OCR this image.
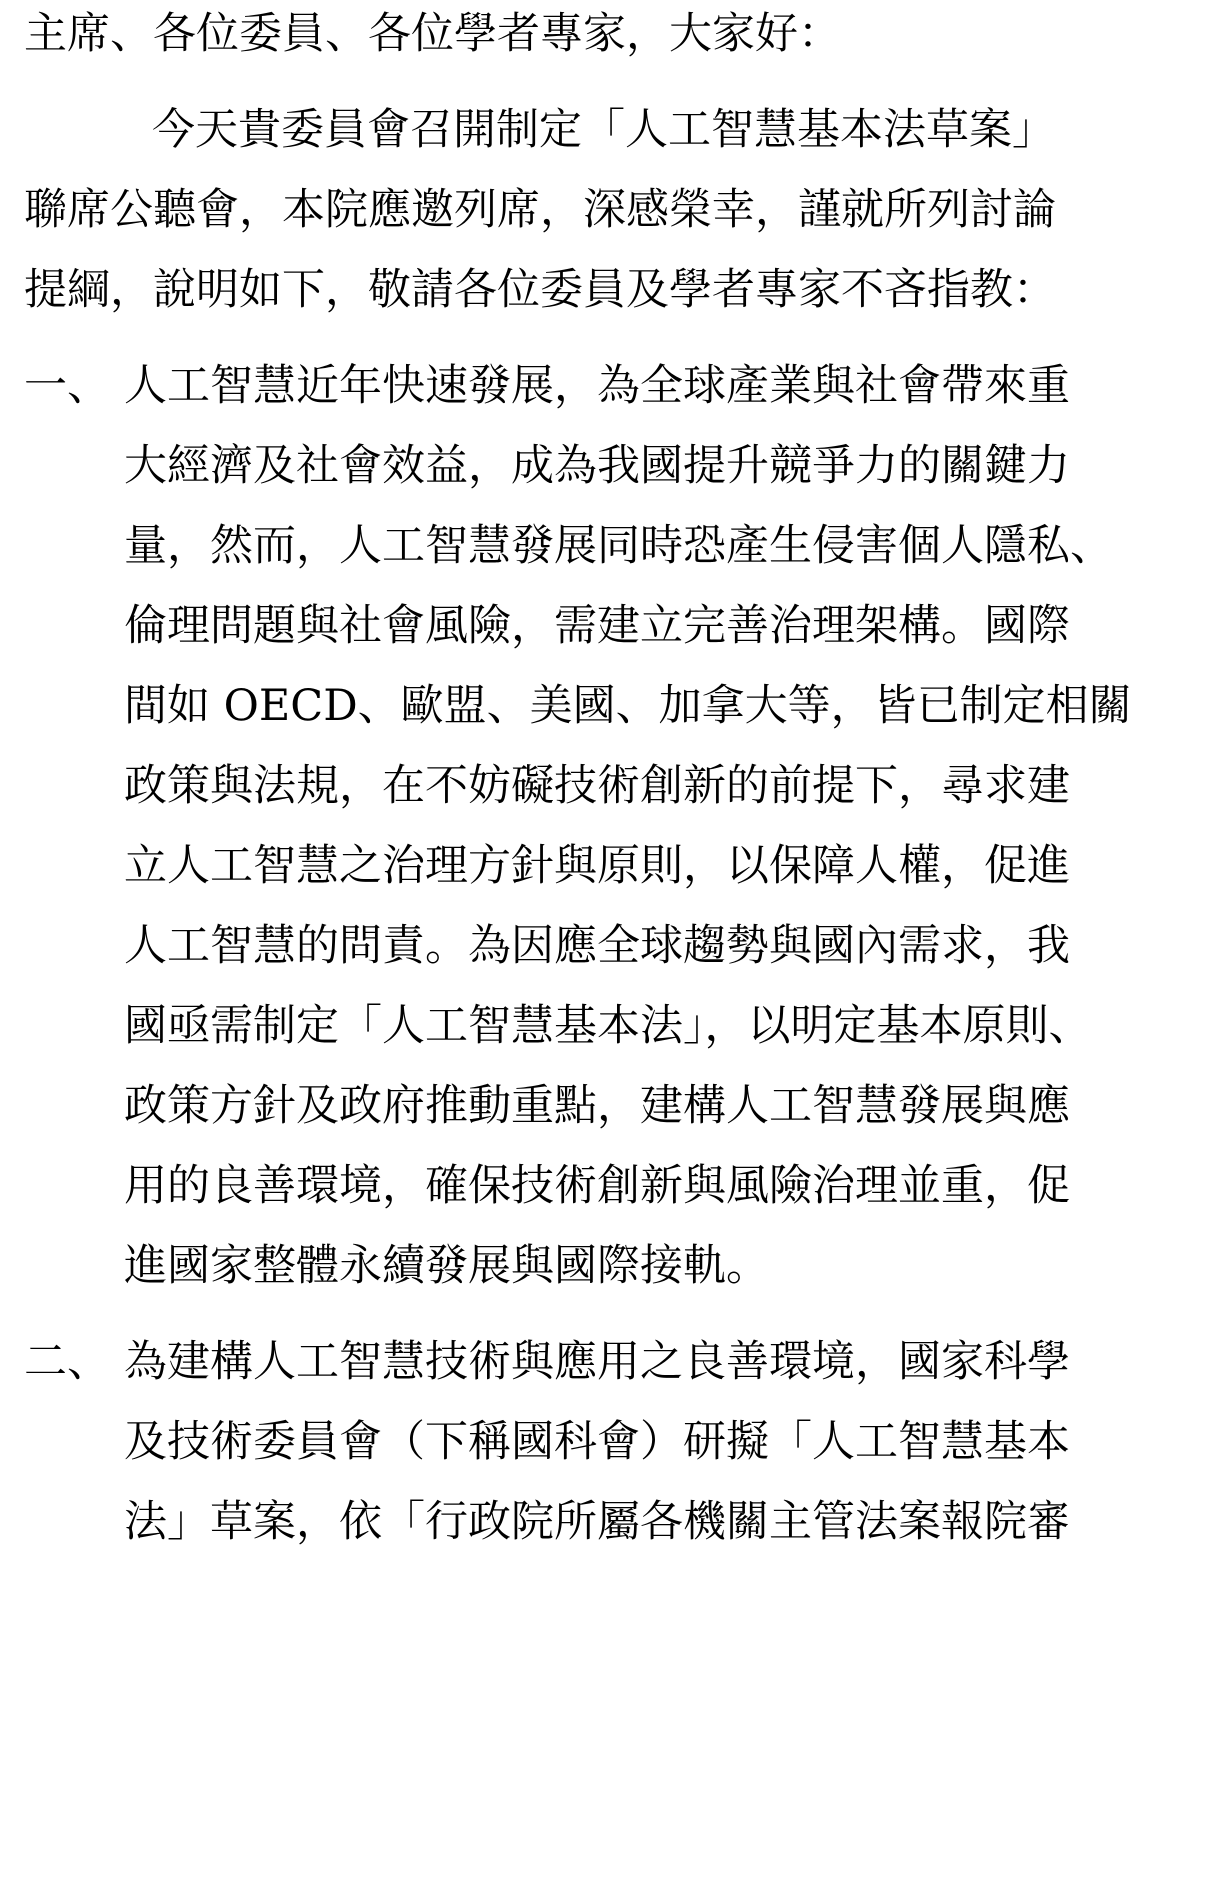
主席、各位委員、各位學者專家，大家好：
今天貴委員會召開制定「人工智慧基本法草案」
聯席公聽會，本院應邀列席，深感榮幸，謹就所列討論
提綱，說明如下，敬請各位委員及學者專家不吝指教：
一、 人工智慧近年快速發展，為全球產業與社會帶來重
大經濟及社會效益，成為我國提升競爭力的關鍵力
量，然而，人工智慧發展同時恐產生侵害個人隱私、
倫理問題與社會風險，需建立完善治理架構。國際
間如 OECD、歐盟、美國、加拿大等，皆已制定相關
政策與法規，在不妨礙技術創新的前提下，尋求建
立人工智慧之治理方針與原則，以保障人權，促進
人工智慧的問責。為因應全球趨勢與國內需求，我
國亟需制定「人工智慧基本法」，以明定基本原則、
政策方針及政府推動重點，建構人工智慧發展與應
用的良善環境，確保技術創新與風險治理並重，促
進國家整體永續發展與國際接軌。
二、 為建構人工智慧技術與應用之良善環境，國家科學
及技術委員會（下稱國科會）研擬「人工智慧基本
法」草案，依「行政院所屬各機關主管法案報院審
